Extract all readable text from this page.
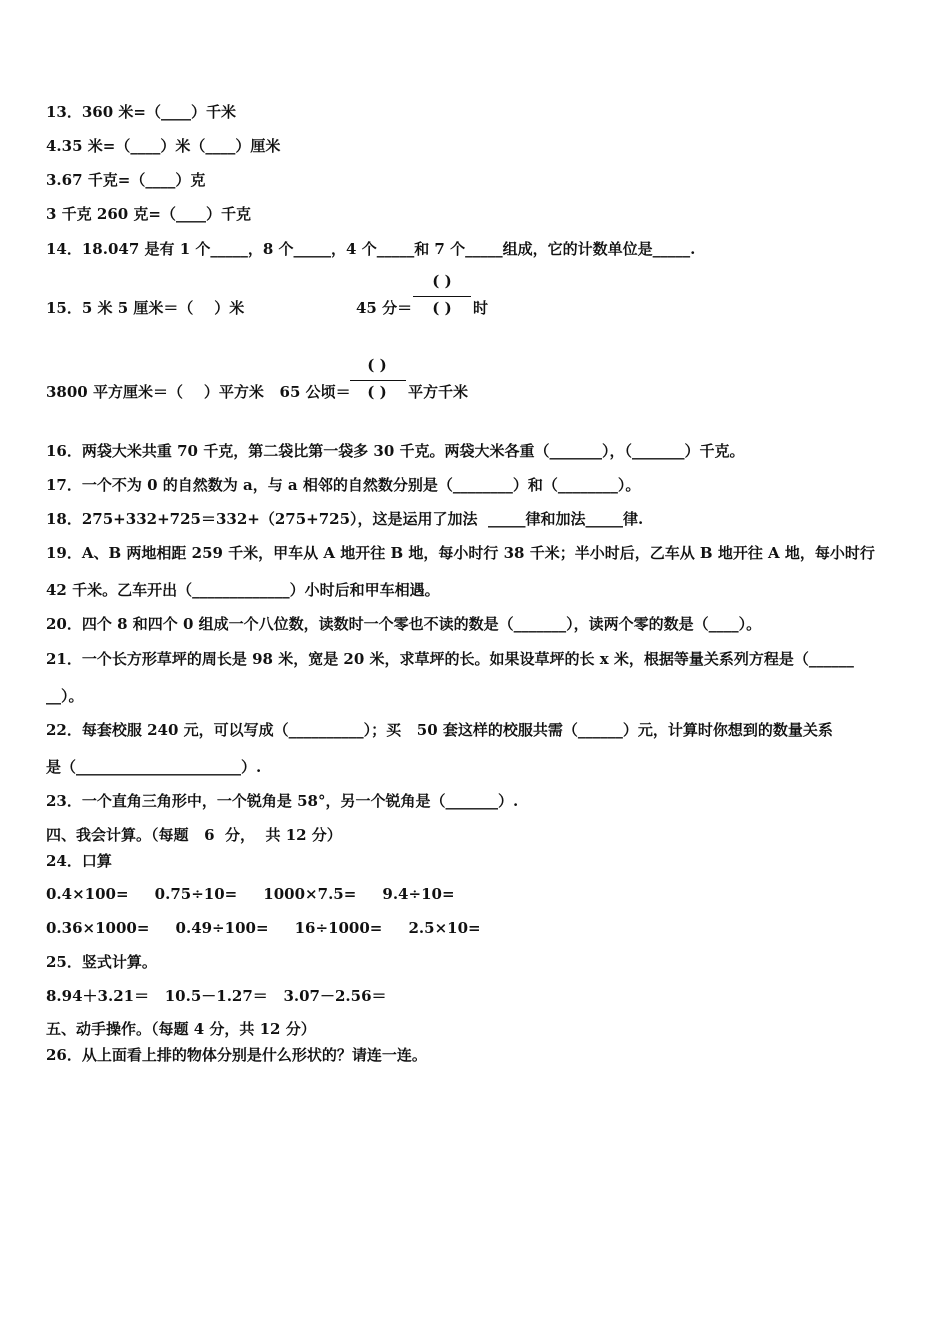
13．360 米=（____）千米
4.35 米=（____）米（____）厘米
3.67 千克=（____）克
3 千克 260 克=（____）千克
14．18.047 是有 1 个_____，8 个_____，4 个_____和 7 个_____组成，它的计数单位是_____.
15．5 米 5 厘米＝（    ）米	45 分＝
( )
( )	时
3800 平方厘米＝（    ）平方米   65 公顷＝
( )
( )	平方千米
16．两袋大米共重 70 千克，第二袋比第一袋多 30 千克。两袋大米各重（_______），（_______）千克。
17．一个不为 0 的自然数为 a，与 a 相邻的自然数分别是（________）和（________）。
18．275+332+725＝332+（275+725），这是运用了加法  _____律和加法_____律.
19．A、B 两地相距 259 千米，甲车从 A 地开往 B 地，每小时行 38 千米；半小时后，乙车从 B 地开往 A 地，每小时行
42 千米。乙车开出（_____________）小时后和甲车相遇。
20．四个 8 和四个 0 组成一个八位数，读数时一个零也不读的数是（_______），读两个零的数是（____）。
21．一个长方形草坪的周长是 98 米，宽是 20 米，求草坪的长。如果设草坪的长 x 米，根据等量关系列方程是（______
__）。
22．每套校服 240 元，可以写成（__________）；买   50 套这样的校服共需（______）元，计算时你想到的数量关系
是（______________________）.
23．一个直角三角形中，一个锐角是 58°，另一个锐角是（_______）.
四、我会计算。（每题   6  分，  共 12 分）
24．口算
0.4×100=     0.75÷10=     1000×7.5=     9.4÷10=
0.36×1000=     0.49÷100=     16÷1000=     2.5×10=
25．竖式计算。
8.94＋3.21＝   10.5－1.27＝   3.07－2.56＝
五、动手操作。（每题 4 分，共 12 分）
26．从上面看上排的物体分别是什么形状的？请连一连。
